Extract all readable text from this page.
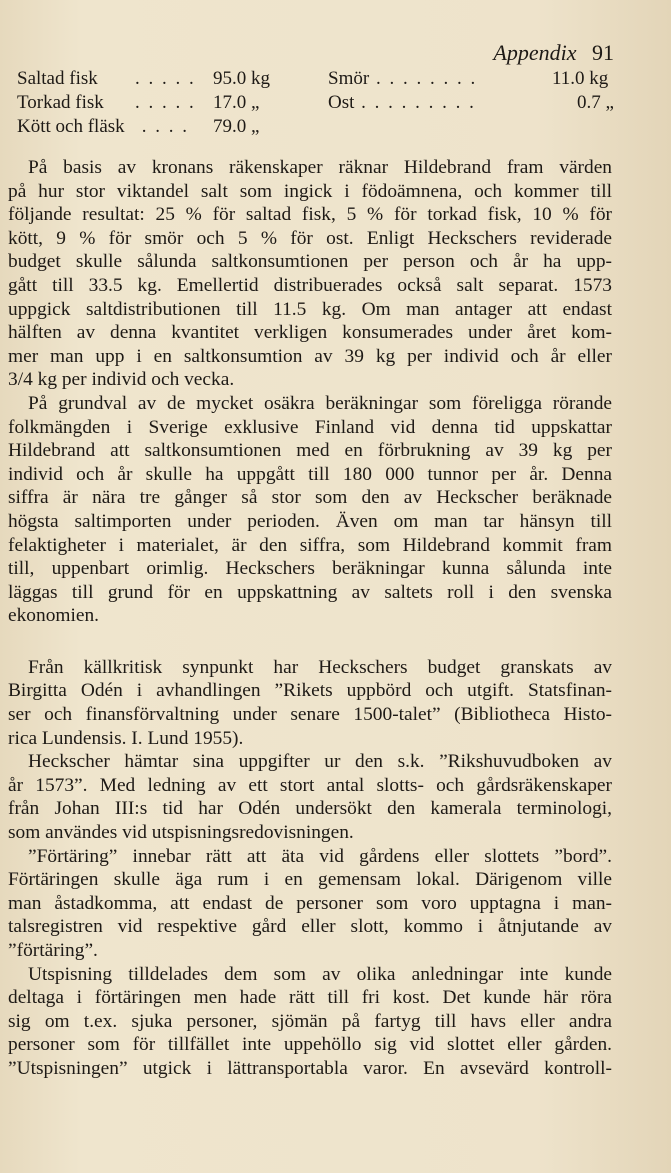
Appendix 91
Saltad fisk . . . . . 95.0 kg	Smör . . . . . . . .	11.0 kg
Torkad fisk . . . . . 17.0 „	Ost . . . . . . . . .	0.7 „
Kött och fläsk . . . . 79.0 „

På basis av kronans räkenskaper räknar Hildebrand fram värden

på hur stor viktandel salt som ingick i födoämnena, och kommer till

följande resultat: 25 % för saltad fisk, 5 % för torkad fisk, 10 % för

kött, 9 % för smör och 5 % för ost. Enligt Heckschers reviderade

budget skulle sålunda saltkonsumtionen per person och år ha upp-

gått till 33.5 kg. Emellertid distribuerades också salt separat. 1573

uppgick saltdistributionen till 11.5 kg. Om man antager att endast

hälften av denna kvantitet verkligen konsumerades under året kom-

mer man upp i en saltkonsumtion av 39 kg per individ och år eller

3/4 kg per individ och vecka.

På grundval av de mycket osäkra beräkningar som föreligga rörande

folkmängden i Sverige exklusive Finland vid denna tid uppskattar

Hildebrand att saltkonsumtionen med en förbrukning av 39 kg per

individ och år skulle ha uppgått till 180 000 tunnor per år. Denna

siffra är nära tre gånger så stor som den av Heckscher beräknade

högsta saltimporten under perioden. Även om man tar hänsyn till

felaktigheter i materialet, är den siffra, som Hildebrand kommit fram

till, uppenbart orimlig. Heckschers beräkningar kunna sålunda inte

läggas till grund för en uppskattning av saltets roll i den svenska

ekonomien.

Från källkritisk synpunkt har Heckschers budget granskats av

Birgitta Odén i avhandlingen ”Rikets uppbörd och utgift. Statsfinan-

ser och finansförvaltning under senare 1500-talet” (Bibliotheca Histo-

rica Lundensis. I. Lund 1955).

Heckscher hämtar sina uppgifter ur den s.k. ”Rikshuvudboken av

år 1573”. Med ledning av ett stort antal slotts- och gårdsräkenskaper

från Johan III:s tid har Odén undersökt den kamerala terminologi,

som användes vid utspisningsredovisningen.

”Förtäring” innebar rätt att äta vid gårdens eller slottets ”bord”.

Förtäringen skulle äga rum i en gemensam lokal. Därigenom ville

man åstadkomma, att endast de personer som voro upptagna i man-

talsregistren vid respektive gård eller slott, kommo i åtnjutande av

”förtäring”.

Utspisning tilldelades dem som av olika anledningar inte kunde

deltaga i förtäringen men hade rätt till fri kost. Det kunde här röra

sig om t.ex. sjuka personer, sjömän på fartyg till havs eller andra

personer som för tillfället inte uppehöllo sig vid slottet eller gården.

”Utspisningen” utgick i lättransportabla varor. En avsevärd kontroll-
